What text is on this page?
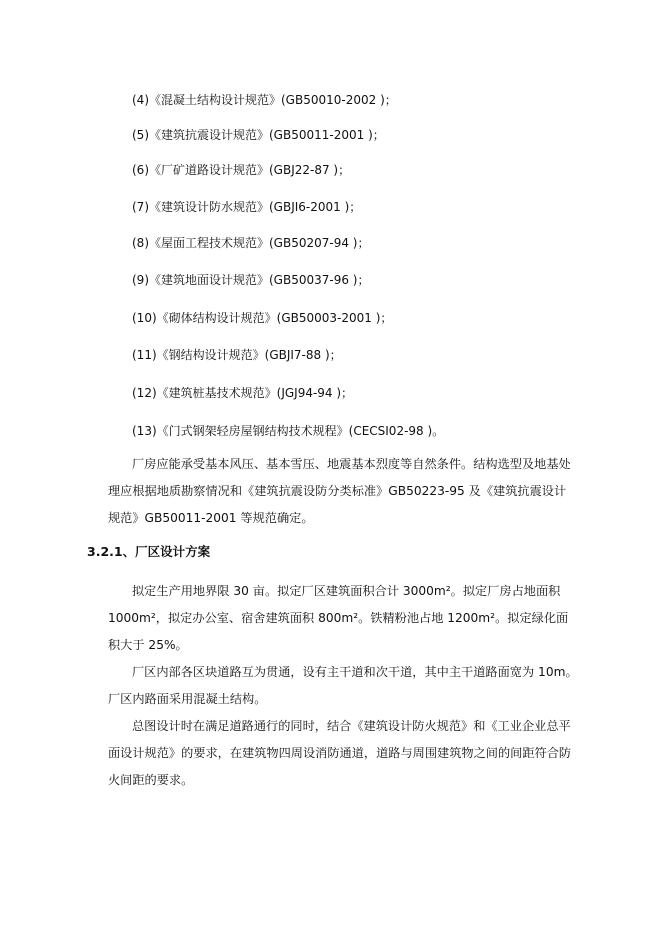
(4)《混凝土结构设计规范》(GB50010-2002 )；
(5)《建筑抗震设计规范》(GB50011-2001 )；
(6)《厂矿道路设计规范》(GBJ22-87 )；
(7)《建筑设计防水规范》(GBJI6-2001 )；
(8)《屋面工程技术规范》(GB50207-94 )；
(9)《建筑地面设计规范》(GB50037-96 )；
(10)《砌体结构设计规范》(GB50003-2001 )；
(11)《钢结构设计规范》(GBJI7-88 )；
(12)《建筑桩基技术规范》(JGJ94-94 )；
(13)《门式钢架轻房屋钢结构技术规程》(CECSI02-98 )。
厂房应能承受基本风压、基本雪压、地震基本烈度等自然条件。结构选型及地基处理应根据地质勘察情况和《建筑抗震设防分类标准》GB50223-95 及《建筑抗震设计规范》GB50011-2001 等规范确定。
3.2.1、厂区设计方案
拟定生产用地界限 30 亩。拟定厂区建筑面积合计 3000m²。拟定厂房占地面积 1000m²，拟定办公室、宿舍建筑面积 800m²。铁精粉池占地 1200m²。拟定绿化面积大于 25%。
厂区内部各区块道路互为贯通，设有主干道和次干道，其中主干道路面宽为 10m。厂区内路面采用混凝土结构。
总图设计时在满足道路通行的同时，结合《建筑设计防火规范》和《工业企业总平面设计规范》的要求，在建筑物四周设消防通道，道路与周围建筑物之间的间距符合防火间距的要求。
